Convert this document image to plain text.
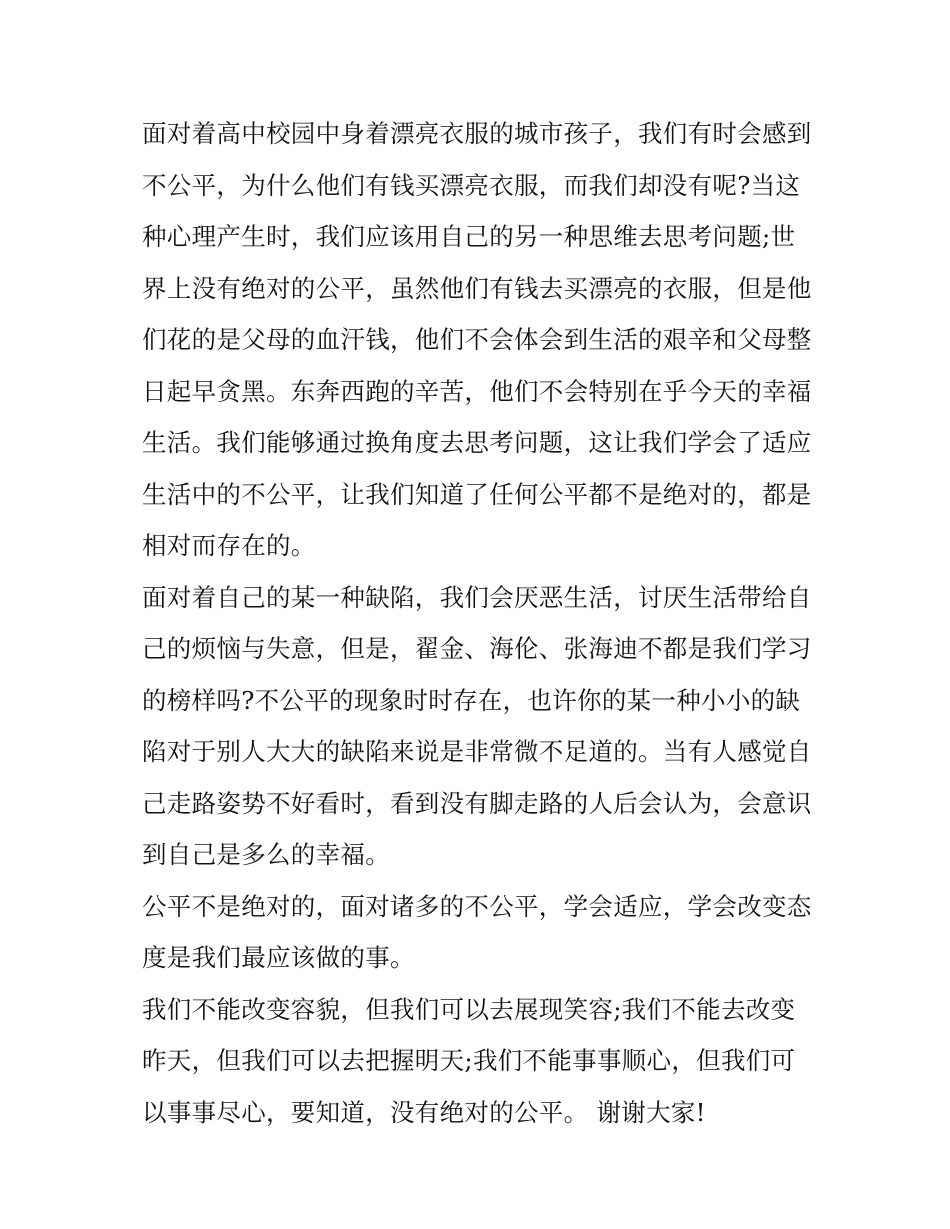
面对着高中校园中身着漂亮衣服的城市孩子，我们有时会感到
不公平，为什么他们有钱买漂亮衣服，而我们却没有呢?当这
种心理产生时，我们应该用自己的另一种思维去思考问题;世
界上没有绝对的公平，虽然他们有钱去买漂亮的衣服，但是他
们花的是父母的血汗钱，他们不会体会到生活的艰辛和父母整
日起早贪黑。东奔西跑的辛苦，他们不会特别在乎今天的幸福
生活。我们能够通过换角度去思考问题，这让我们学会了适应
生活中的不公平，让我们知道了任何公平都不是绝对的，都是
相对而存在的。
面对着自己的某一种缺陷，我们会厌恶生活，讨厌生活带给自
己的烦恼与失意，但是，翟金、海伦、张海迪不都是我们学习
的榜样吗?不公平的现象时时存在，也许你的某一种小小的缺
陷对于别人大大的缺陷来说是非常微不足道的。当有人感觉自
己走路姿势不好看时，看到没有脚走路的人后会认为，会意识
到自己是多么的幸福。
公平不是绝对的，面对诸多的不公平，学会适应，学会改变态
度是我们最应该做的事。
我们不能改变容貌，但我们可以去展现笑容;我们不能去改变
昨天，但我们可以去把握明天;我们不能事事顺心，但我们可
以事事尽心，要知道，没有绝对的公平。 谢谢大家!
